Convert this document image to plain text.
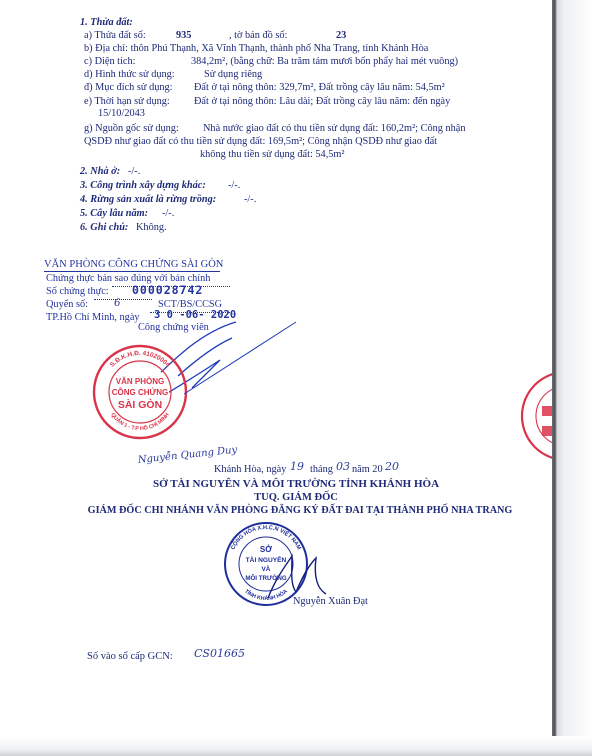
1. Thửa đất:
a) Thửa đất số:	935	, tờ bản đồ số:	23
b) Địa chỉ: thôn Phú Thạnh, Xã Vĩnh Thạnh, thành phố Nha Trang, tỉnh Khánh Hòa
c) Diện tích:	384,2m², (bằng chữ: Ba trăm tám mươi bốn phẩy hai mét vuông)
d) Hình thức sử dụng:	Sử dụng riêng
đ) Mục đích sử dụng: Đất ở tại nông thôn: 329,7m², Đất trồng cây lâu năm: 54,5m²
e) Thời hạn sử dụng: Đất ở tại nông thôn: Lâu dài; Đất trồng cây lâu năm: đến ngày
15/10/2043
g) Nguồn gốc sử dụng: Nhà nước giao đất có thu tiền sử dụng đất: 160,2m²; Công nhận
QSDĐ như giao đất có thu tiền sử dụng đất: 169,5m²; Công nhận QSDĐ như giao đất
không thu tiền sử dụng đất: 54,5m²
2. Nhà ở: -/-.
3. Công trình xây dựng khác: -/-.
4. Rừng sản xuất là rừng trồng:	-/-.
5. Cây lâu năm: -/-.
6. Ghi chú: Không.
VĂN PHÒNG CÔNG CHỨNG SÀI GÒN
Chứng thực bản sao đúng với bản chính
Số chứng thực: 000028742
Quyển số:	6	SCT/BS/CCSG
TP.Hồ Chí Minh, ngày 3 0 -06- 2020
Công chứng viên
S.Đ.K.H.Đ. 41020004
QUẬN 1 - T.P HỒ CHÍ MINH
VĂN PHÒNG
CÔNG CHỨNG
SÀI GÒN
Nguyễn Quang Duy
Khánh Hòa, ngày 19 tháng 03 năm 20 20
SỞ TÀI NGUYÊN VÀ MÔI TRƯỜNG TỈNH KHÁNH HÒA
TUQ. GIÁM ĐỐC
GIÁM ĐỐC CHI NHÁNH VĂN PHÒNG ĐĂNG KÝ ĐẤT ĐAI TẠI THÀNH PHỐ NHA TRANG
CỘNG HÒA X.H.C.N VIỆT NAM
TỈNH KHÁNH HÒA
SỞ
TÀI NGUYÊN
VÀ
MÔI TRƯỜNG
Nguyễn Xuân Đạt
Số vào sổ cấp GCN: CS01665
